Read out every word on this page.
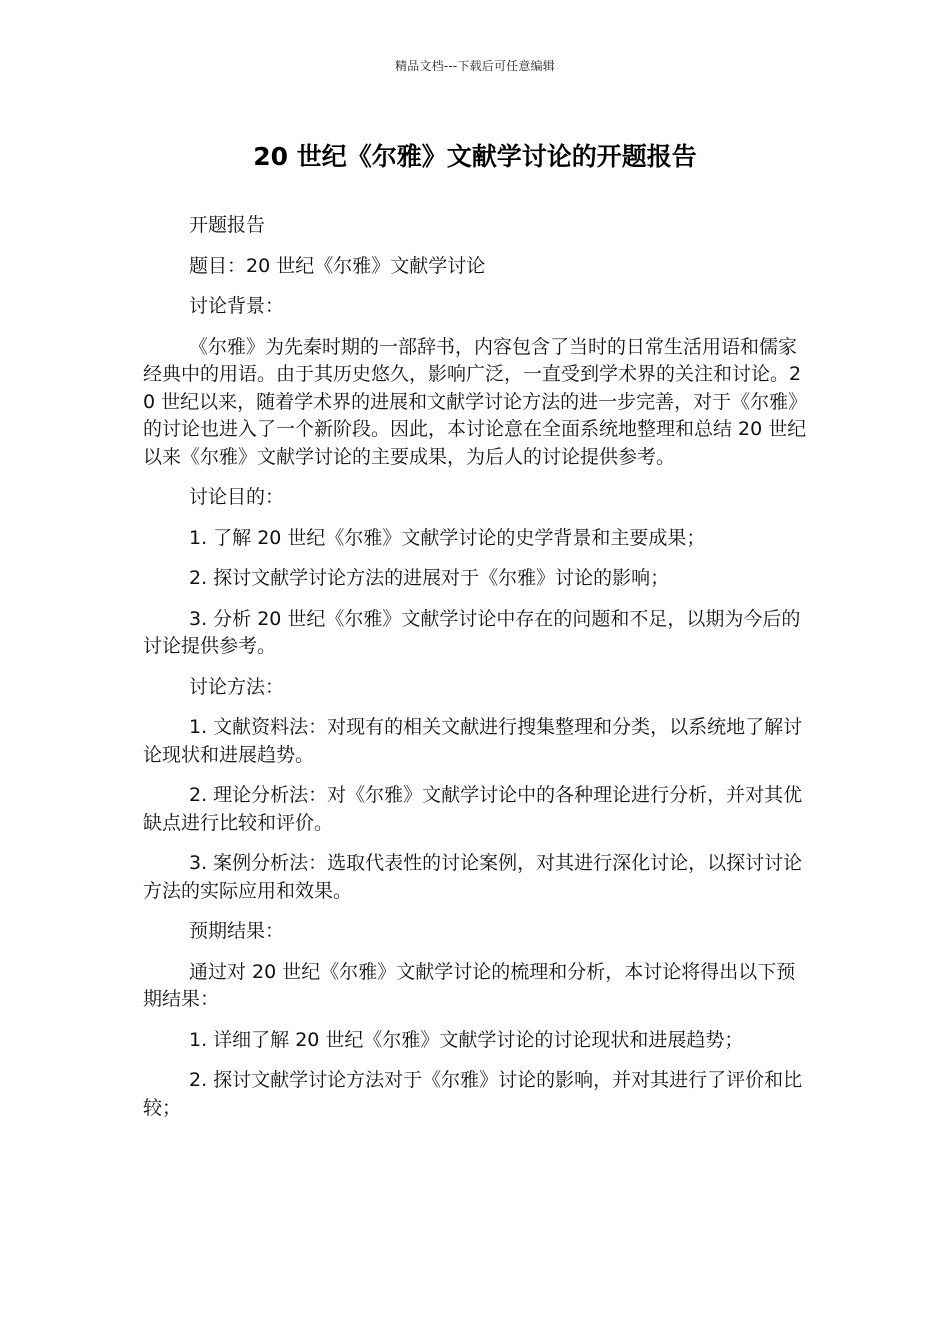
精品文档---下载后可任意编辑
20 世纪《尔雅》文献学讨论的开题报告

开题报告

题目：20 世纪《尔雅》文献学讨论

讨论背景：

《尔雅》为先秦时期的一部辞书，内容包含了当时的日常生活用语和儒家经典中的用语。由于其历史悠久，影响广泛，一直受到学术界的关注和讨论。20 世纪以来，随着学术界的进展和文献学讨论方法的进一步完善，对于《尔雅》的讨论也进入了一个新阶段。因此，本讨论意在全面系统地整理和总结 20 世纪以来《尔雅》文献学讨论的主要成果，为后人的讨论提供参考。

讨论目的：

1. 了解 20 世纪《尔雅》文献学讨论的史学背景和主要成果；

2. 探讨文献学讨论方法的进展对于《尔雅》讨论的影响；

3. 分析 20 世纪《尔雅》文献学讨论中存在的问题和不足，以期为今后的讨论提供参考。

讨论方法：

1. 文献资料法：对现有的相关文献进行搜集整理和分类，以系统地了解讨论现状和进展趋势。

2. 理论分析法：对《尔雅》文献学讨论中的各种理论进行分析，并对其优缺点进行比较和评价。

3. 案例分析法：选取代表性的讨论案例，对其进行深化讨论，以探讨讨论方法的实际应用和效果。

预期结果：

通过对 20 世纪《尔雅》文献学讨论的梳理和分析，本讨论将得出以下预期结果：

1. 详细了解 20 世纪《尔雅》文献学讨论的讨论现状和进展趋势；

2. 探讨文献学讨论方法对于《尔雅》讨论的影响，并对其进行了评价和比较；
